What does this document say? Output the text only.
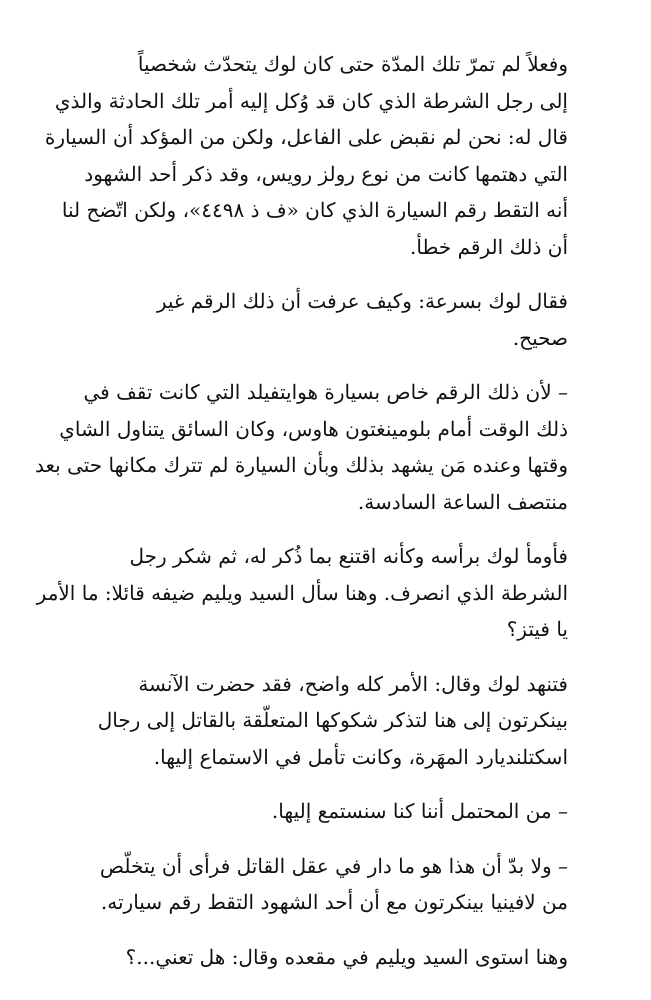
وفعلاً لم تمرّ تلك المدّة حتى كان لوك يتحدّث شخصياً
إلى رجل الشرطة الذي كان قد وُكل إليه أمر تلك الحادثة والذي
قال له: نحن لم نقبض على الفاعل، ولكن من المؤكد أن السيارة
التي دهتمها كانت من نوع رولز رويس، وقد ذكر أحد الشهود
أنه التقط رقم السيارة الذي كان «ف ذ ٤٤٩٨»، ولكن اتّضح لنا
أن ذلك الرقم خطأ.

فقال لوك بسرعة: وكيف عرفت أن ذلك الرقم غير
صحيح.

– لأن ذلك الرقم خاص بسيارة هوايتفيلد التي كانت تقف في
ذلك الوقت أمام بلومينغتون هاوس، وكان السائق يتناول الشاي
وقتها وعنده مَن يشهد بذلك وبأن السيارة لم تترك مكانها حتى بعد
منتصف الساعة السادسة.

فأومأ لوك برأسه وكأنه اقتنع بما ذُكر له، ثم شكر رجل
الشرطة الذي انصرف. وهنا سأل السيد ويليم ضيفه قائلا: ما الأمر
يا فيتز؟

فتنهد لوك وقال: الأمر كله واضح، فقد حضرت الآنسة
بينكرتون إلى هنا لتذكر شكوكها المتعلّقة بالقاتل إلى رجال
اسكتلنديارد المهَرة، وكانت تأمل في الاستماع إليها.

– من المحتمل أننا كنا سنستمع إليها.

– ولا بدّ أن هذا هو ما دار في عقل القاتل فرأى أن يتخلّص
من لافينيا بينكرتون مع أن أحد الشهود التقط رقم سيارته.

وهنا استوى السيد ويليم في مقعده وقال: هل تعني...؟
